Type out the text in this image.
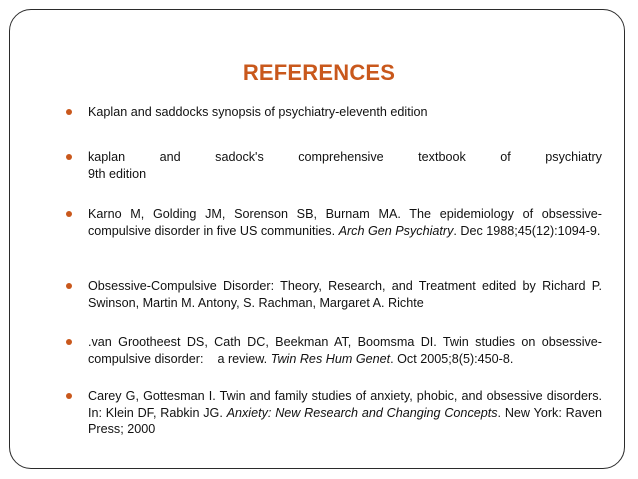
REFERENCES
Kaplan and saddocks synopsis of psychiatry-eleventh edition
kaplan	and	sadock's	comprehensive	textbook	of	psychiatry
9th edition
Karno M, Golding JM, Sorenson SB, Burnam MA. The epidemiology of obsessive-compulsive disorder in five US communities. Arch Gen Psychiatry. Dec 1988;45(12):1094-9.
Obsessive-Compulsive Disorder: Theory, Research, and Treatment edited by Richard P. Swinson, Martin M. Antony, S. Rachman, Margaret A. Richte
.van Grootheest DS, Cath DC, Beekman AT, Boomsma DI. Twin studies on obsessive-compulsive disorder:    a review. Twin Res Hum Genet. Oct 2005;8(5):450-8.
Carey G, Gottesman I. Twin and family studies of anxiety, phobic, and obsessive disorders. In: Klein DF, Rabkin JG. Anxiety: New Research and Changing Concepts. New York: Raven Press; 2000
